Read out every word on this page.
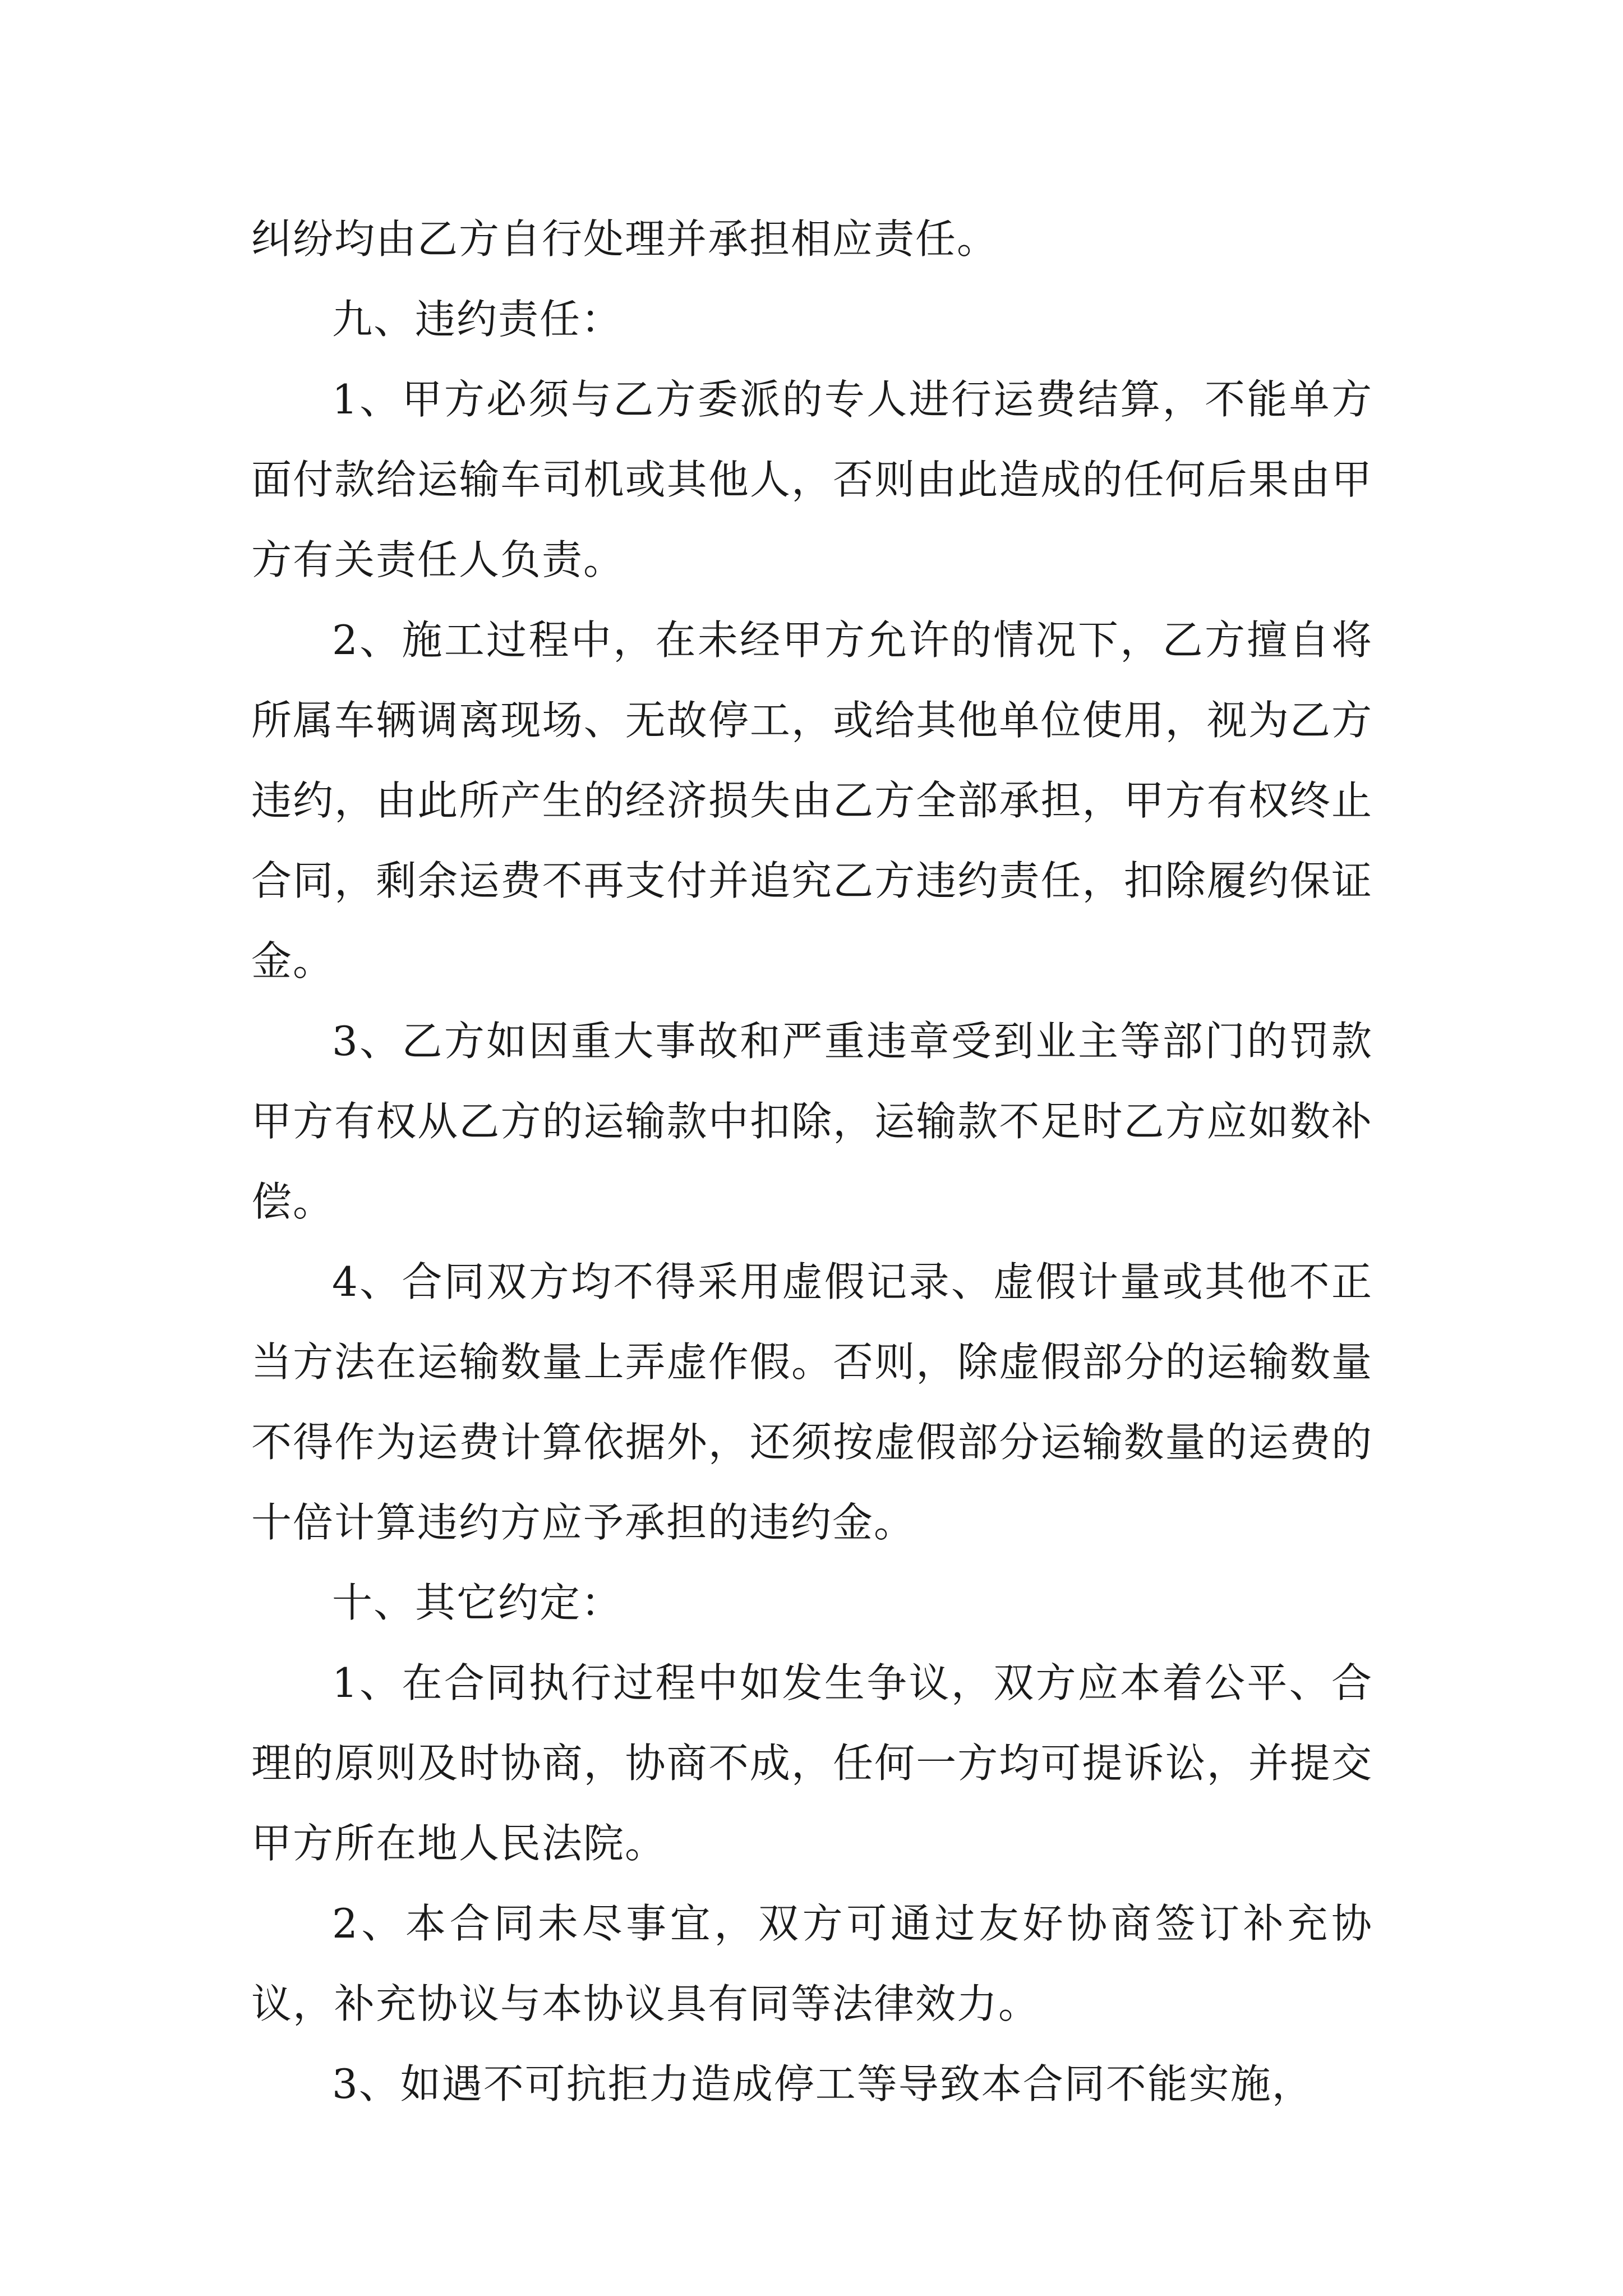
纠纷均由乙方自行处理并承担相应责任。

九、违约责任：

1、甲方必须与乙方委派的专人进行运费结算，不能单方面付款给运输车司机或其他人，否则由此造成的任何后果由甲方有关责任人负责。

2、施工过程中，在未经甲方允许的情况下，乙方擅自将所属车辆调离现场、无故停工，或给其他单位使用，视为乙方违约，由此所产生的经济损失由乙方全部承担，甲方有权终止合同，剩余运费不再支付并追究乙方违约责任，扣除履约保证金。

3、乙方如因重大事故和严重违章受到业主等部门的罚款甲方有权从乙方的运输款中扣除，运输款不足时乙方应如数补偿。

4、合同双方均不得采用虚假记录、虚假计量或其他不正当方法在运输数量上弄虚作假。否则，除虚假部分的运输数量不得作为运费计算依据外，还须按虚假部分运输数量的运费的十倍计算违约方应予承担的违约金。

十、其它约定：

1、在合同执行过程中如发生争议，双方应本着公平、合理的原则及时协商，协商不成，任何一方均可提诉讼，并提交甲方所在地人民法院。

2、本合同未尽事宜，双方可通过友好协商签订补充协议，补充协议与本协议具有同等法律效力。

3、如遇不可抗拒力造成停工等导致本合同不能实施，
